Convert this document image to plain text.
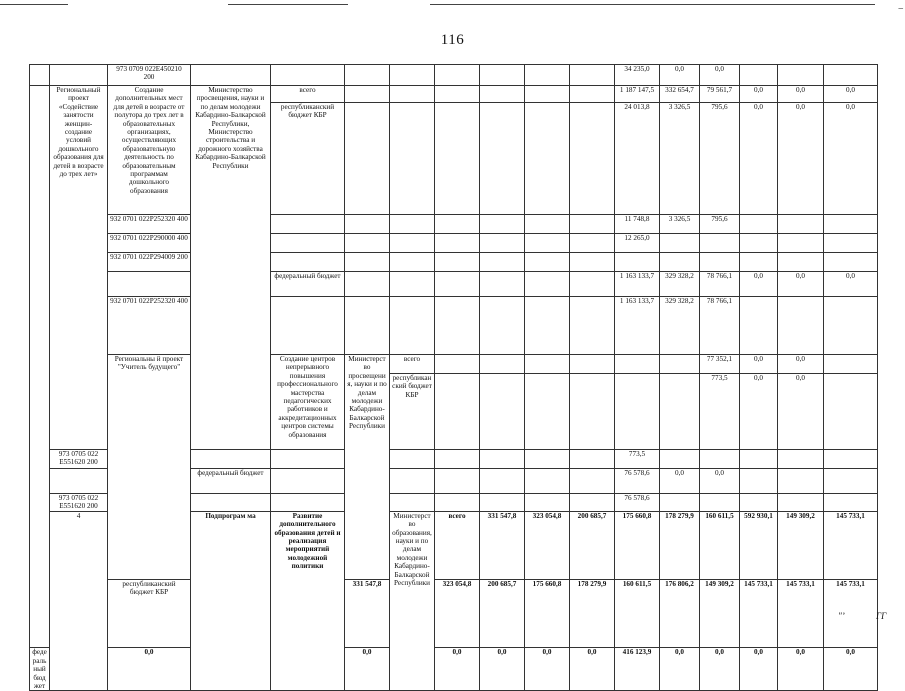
_
116
		973 0709 022E450210 200									34 235,0	0,0	0,0				
	Региональный проект «Содействие занятости женщин-создание условий дошкольного образования для детей в возрасте до трех лет»	Создание дополнительных мест для детей в возрасте от полутора до трех лет в образовательных организациях, осуществляющих образовательную деятельность по образовательным программам дошкольного образования	Министерство просвещения, науки и по делам молодежи Кабардино-Балкарской Республики, Министерство строительства и дорожного хозяйства Кабардино-Балкарской Республики	всего							1 187 147,5	332 654,7	79 561,7	0,0	0,0	0,0	
				республиканский бюджет КБР							24 013,8	3 326,5	795,6	0,0	0,0	0,0	
		932 0701 022P252320 400									11 748,8	3 326,5	795,6				
		932 0701 022P290000 400									12 265,0						
		932 0701 022P294009 200															
				федеральный бюджет							1 163 133,7	329 328,2	78 766,1	0,0	0,0	0,0	
		932 0701 022P252320 400									1 163 133,7	329 328,2	78 766,1				
		Региональны й проект "Учитель будущего"		Создание центров непрерывного повышения профессионального мастерства педагогических работников и аккредитационных центров системы образования	Министерство просвещения, науки и по делам молодежи Кабардино-Балкарской Республики	всего							77 352,1	0,0	0,0			
						республиканский бюджет КБР							773,5	0,0	0,0			
	973 0705 022 E551620 200										773,5						
			федеральный бюджет								76 578,6	0,0	0,0				
	973 0705 022 E551620 200										76 578,6						
	4		Подпрограм ма	Развитие дополнительного образования детей и реализация мероприятий молодежной политики		Министерство образования, науки и по делам молодежи Кабардино-Балкарской Республики	всего	331 547,8	323 054,8	200 685,7	175 660,8	178 279,9	160 611,5	592 930,1	149 309,2	145 733,1			
		республиканский бюджет КБР			331 547,8		323 054,8	200 685,7	175 660,8	178 279,9	160 611,5	176 806,2	149 309,2	145 733,1	145 733,1	145 733,1	
федеральный бюджет		0,0			0,0		0,0	0,0	0,0	0,0	416 123,9	0,0	0,0	0,0	0,0	0,0	
"’	ГГ
